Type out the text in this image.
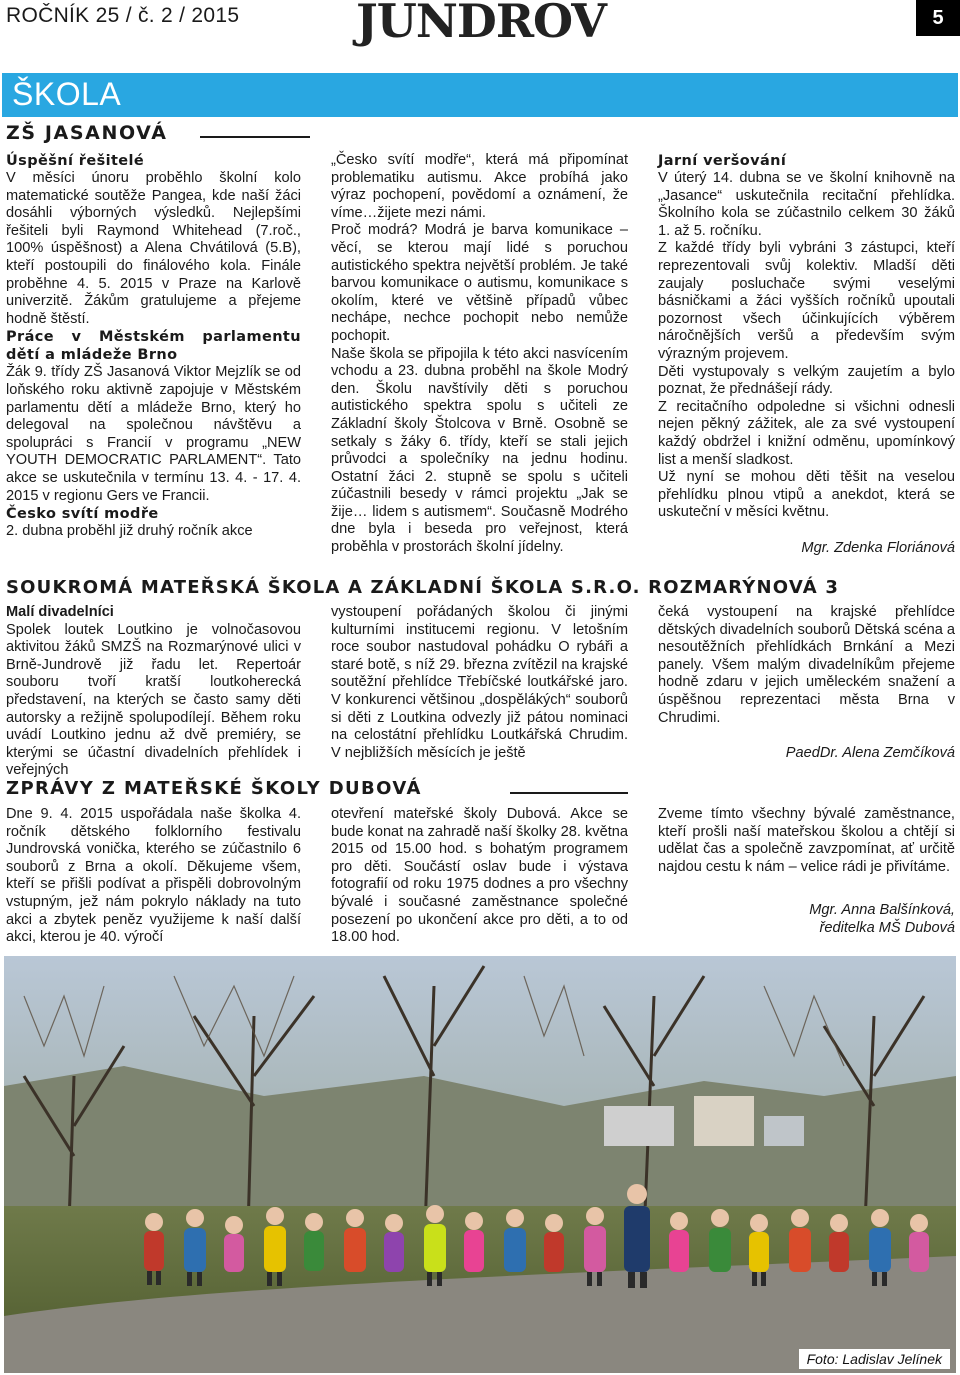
ROČNÍK 25 / č. 2 / 2015	JUNDROV	5
ŠKOLA
ZŠ JASANOVÁ

Úspěšní řešitelé

V měsíci únoru proběhlo školní kolo matematické soutěže Pangea, kde naší žáci dosáhli výborných výsledků. Nejlepšími řešiteli byli Raymond Whitehead (7.roč., 100% úspěšnost) a Alena Chvátilová (5.B), kteří postoupili do finálového kola. Finále proběhne 4. 5. 2015 v Praze na Karlově univerzitě. Žákům gratulujeme a přejeme hodně štěstí.

Práce v Městském parlamentu dětí a mládeže Brno

Žák 9. třídy ZŠ Jasanová Viktor Mejzlík se od loňského roku aktivně zapojuje v Městském parlamentu dětí a mládeže Brno, který ho delegoval na společnou návštěvu a spolupráci s Francií v programu „NEW YOUTH DEMOCRATIC PARLAMENT“. Tato akce se uskutečnila v termínu 13. 4. - 17. 4. 2015 v regionu Gers ve Francii.

Česko svítí modře

2. dubna proběhl již druhý ročník akce

„Česko svítí modře“, která má připomínat problematiku autismu. Akce probíhá jako výraz pochopení, povědomí a oznámení, že víme…žijete mezi námi.

Proč modrá? Modrá je barva komunikace – věcí, se kterou mají lidé s poruchou autistického spektra největší problém. Je také barvou komunikace o autismu, komunikace s okolím, které ve většině případů vůbec nechápe, nechce pochopit nebo nemůže pochopit.

Naše škola se připojila k této akci nasvícením vchodu a 23. dubna proběhl na škole Modrý den. Školu navštívily děti s poruchou autistického spektra spolu s učiteli ze Základní školy Štolcova v Brně. Osobně se setkaly s žáky 6. třídy, kteří se stali jejich průvodci a společníky na jednu hodinu. Ostatní žáci 2. stupně se spolu s učiteli zúčastnili besedy v rámci projektu „Jak se žije… lidem s autismem“. Současně Modrého dne byla i beseda pro veřejnost, která proběhla v prostorách školní jídelny.

Jarní veršování

V úterý 14. dubna se ve školní knihovně na „Jasance“ uskutečnila recitační přehlídka. Školního kola se zúčastnilo celkem 30 žáků 1. až 5. ročníku.

Z každé třídy byli vybráni 3 zástupci, kteří reprezentovali svůj kolektiv. Mladší děti zaujaly posluchače svými veselými básničkami a žáci vyšších ročníků upoutali pozornost všech účinkujících výběrem náročnějších veršů a především svým výrazným projevem.

Děti vystupovaly s velkým zaujetím a bylo poznat, že přednášejí rády.

Z recitačního odpoledne si všichni odnesli nejen pěkný zážitek, ale za své vystoupení každý obdržel i knižní odměnu, upomínkový list a menší sladkost.

Už nyní se mohou děti těšit na veselou přehlídku plnou vtipů a anekdot, která se uskuteční v měsíci květnu.

Mgr. Zdenka Floriánová

SOUKROMÁ MATEŘSKÁ ŠKOLA A ZÁKLADNÍ ŠKOLA S.R.O. ROZMARÝNOVÁ 3

Malí divadelníci

Spolek loutek Loutkino je volnočasovou aktivitou žáků SMZŠ na Rozmarýnové ulici v Brně-Jundrově již řadu let. Repertoár souboru tvoří kratší loutkoherecká představení, na kterých se často samy děti autorsky a režijně spolupodílejí. Během roku uvádí Loutkino jednu až dvě premiéry, se kterými se účastní divadelních přehlídek i veřejných

vystoupení pořádaných školou či jinými kulturními institucemi regionu. V letošním roce soubor nastudoval pohádku O rybáři a staré botě, s níž 29. března zvítězil na krajské soutěžní přehlídce Třebíčské loutkářské jaro. V konkurenci většinou „dospělákých“ souborů si děti z Loutkina odvezly již pátou nominaci na celostátní přehlídku Loutkářská Chrudim. V nejbližších měsících je ještě

čeká vystoupení na krajské přehlídce dětských divadelních souborů Dětská scéna a nesoutěžních přehlídkách Brnkání a Mezi panely. Všem malým divadelníkům přejeme hodně zdaru v jejich uměleckém snažení a úspěšnou reprezentaci města Brna v Chrudimi.

PaedDr. Alena Zemčíková

ZPRÁVY Z MATEŘSKÉ ŠKOLY DUBOVÁ

Dne 9. 4. 2015 uspořádala naše školka 4. ročník dětského folklorního festivalu Jundrovská vonička, kterého se zúčastnilo 6 souborů z Brna a okolí. Děkujeme všem, kteří se přišli podívat a přispěli dobrovolným vstupným, jež nám pokrylo náklady na tuto akci a zbytek peněz využijeme k naší další akci, kterou je 40. výročí

otevření mateřské školy Dubová. Akce se bude konat na zahradě naší školky 28. května 2015 od 15.00 hod. s bohatým programem pro děti. Součástí oslav bude i výstava fotografií od roku 1975 dodnes a pro všechny bývalé i současné zaměstnance společné posezení po ukončení akce pro děti, a to od 18.00 hod.

Zveme tímto všechny bývalé zaměstnance, kteří prošli naší mateřskou školou a chtějí si udělat čas a společně zavzpomínat, ať určitě najdou cestu k nám – velice rádi je přivítáme.

Mgr. Anna Balšínková,

ředitelka MŠ Dubová

Foto: Ladislav Jelínek
